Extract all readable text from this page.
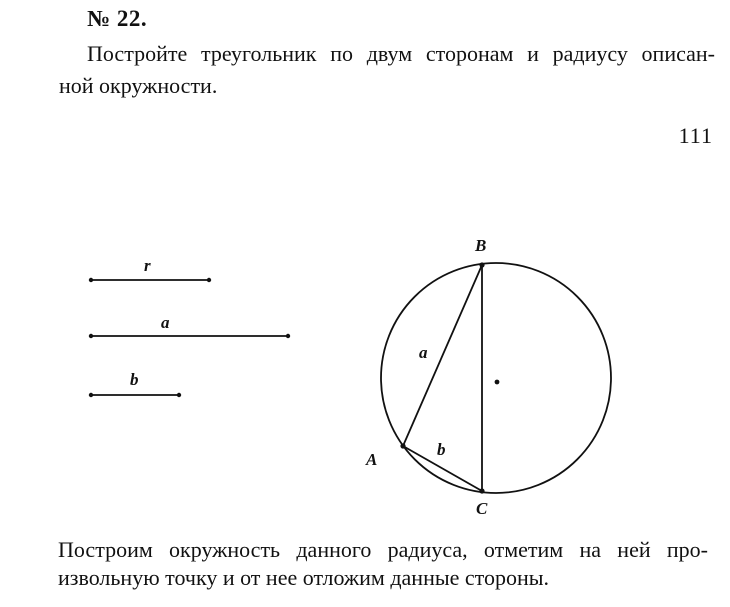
№ 22.
Постройте треугольник по двум сторонам и радиусу описан-
ной окружности.
111
r
a
b
B
A
C
a
b
Построим окружность данного радиуса, отметим на ней про-
извольную точку и от нее отложим данные стороны.
